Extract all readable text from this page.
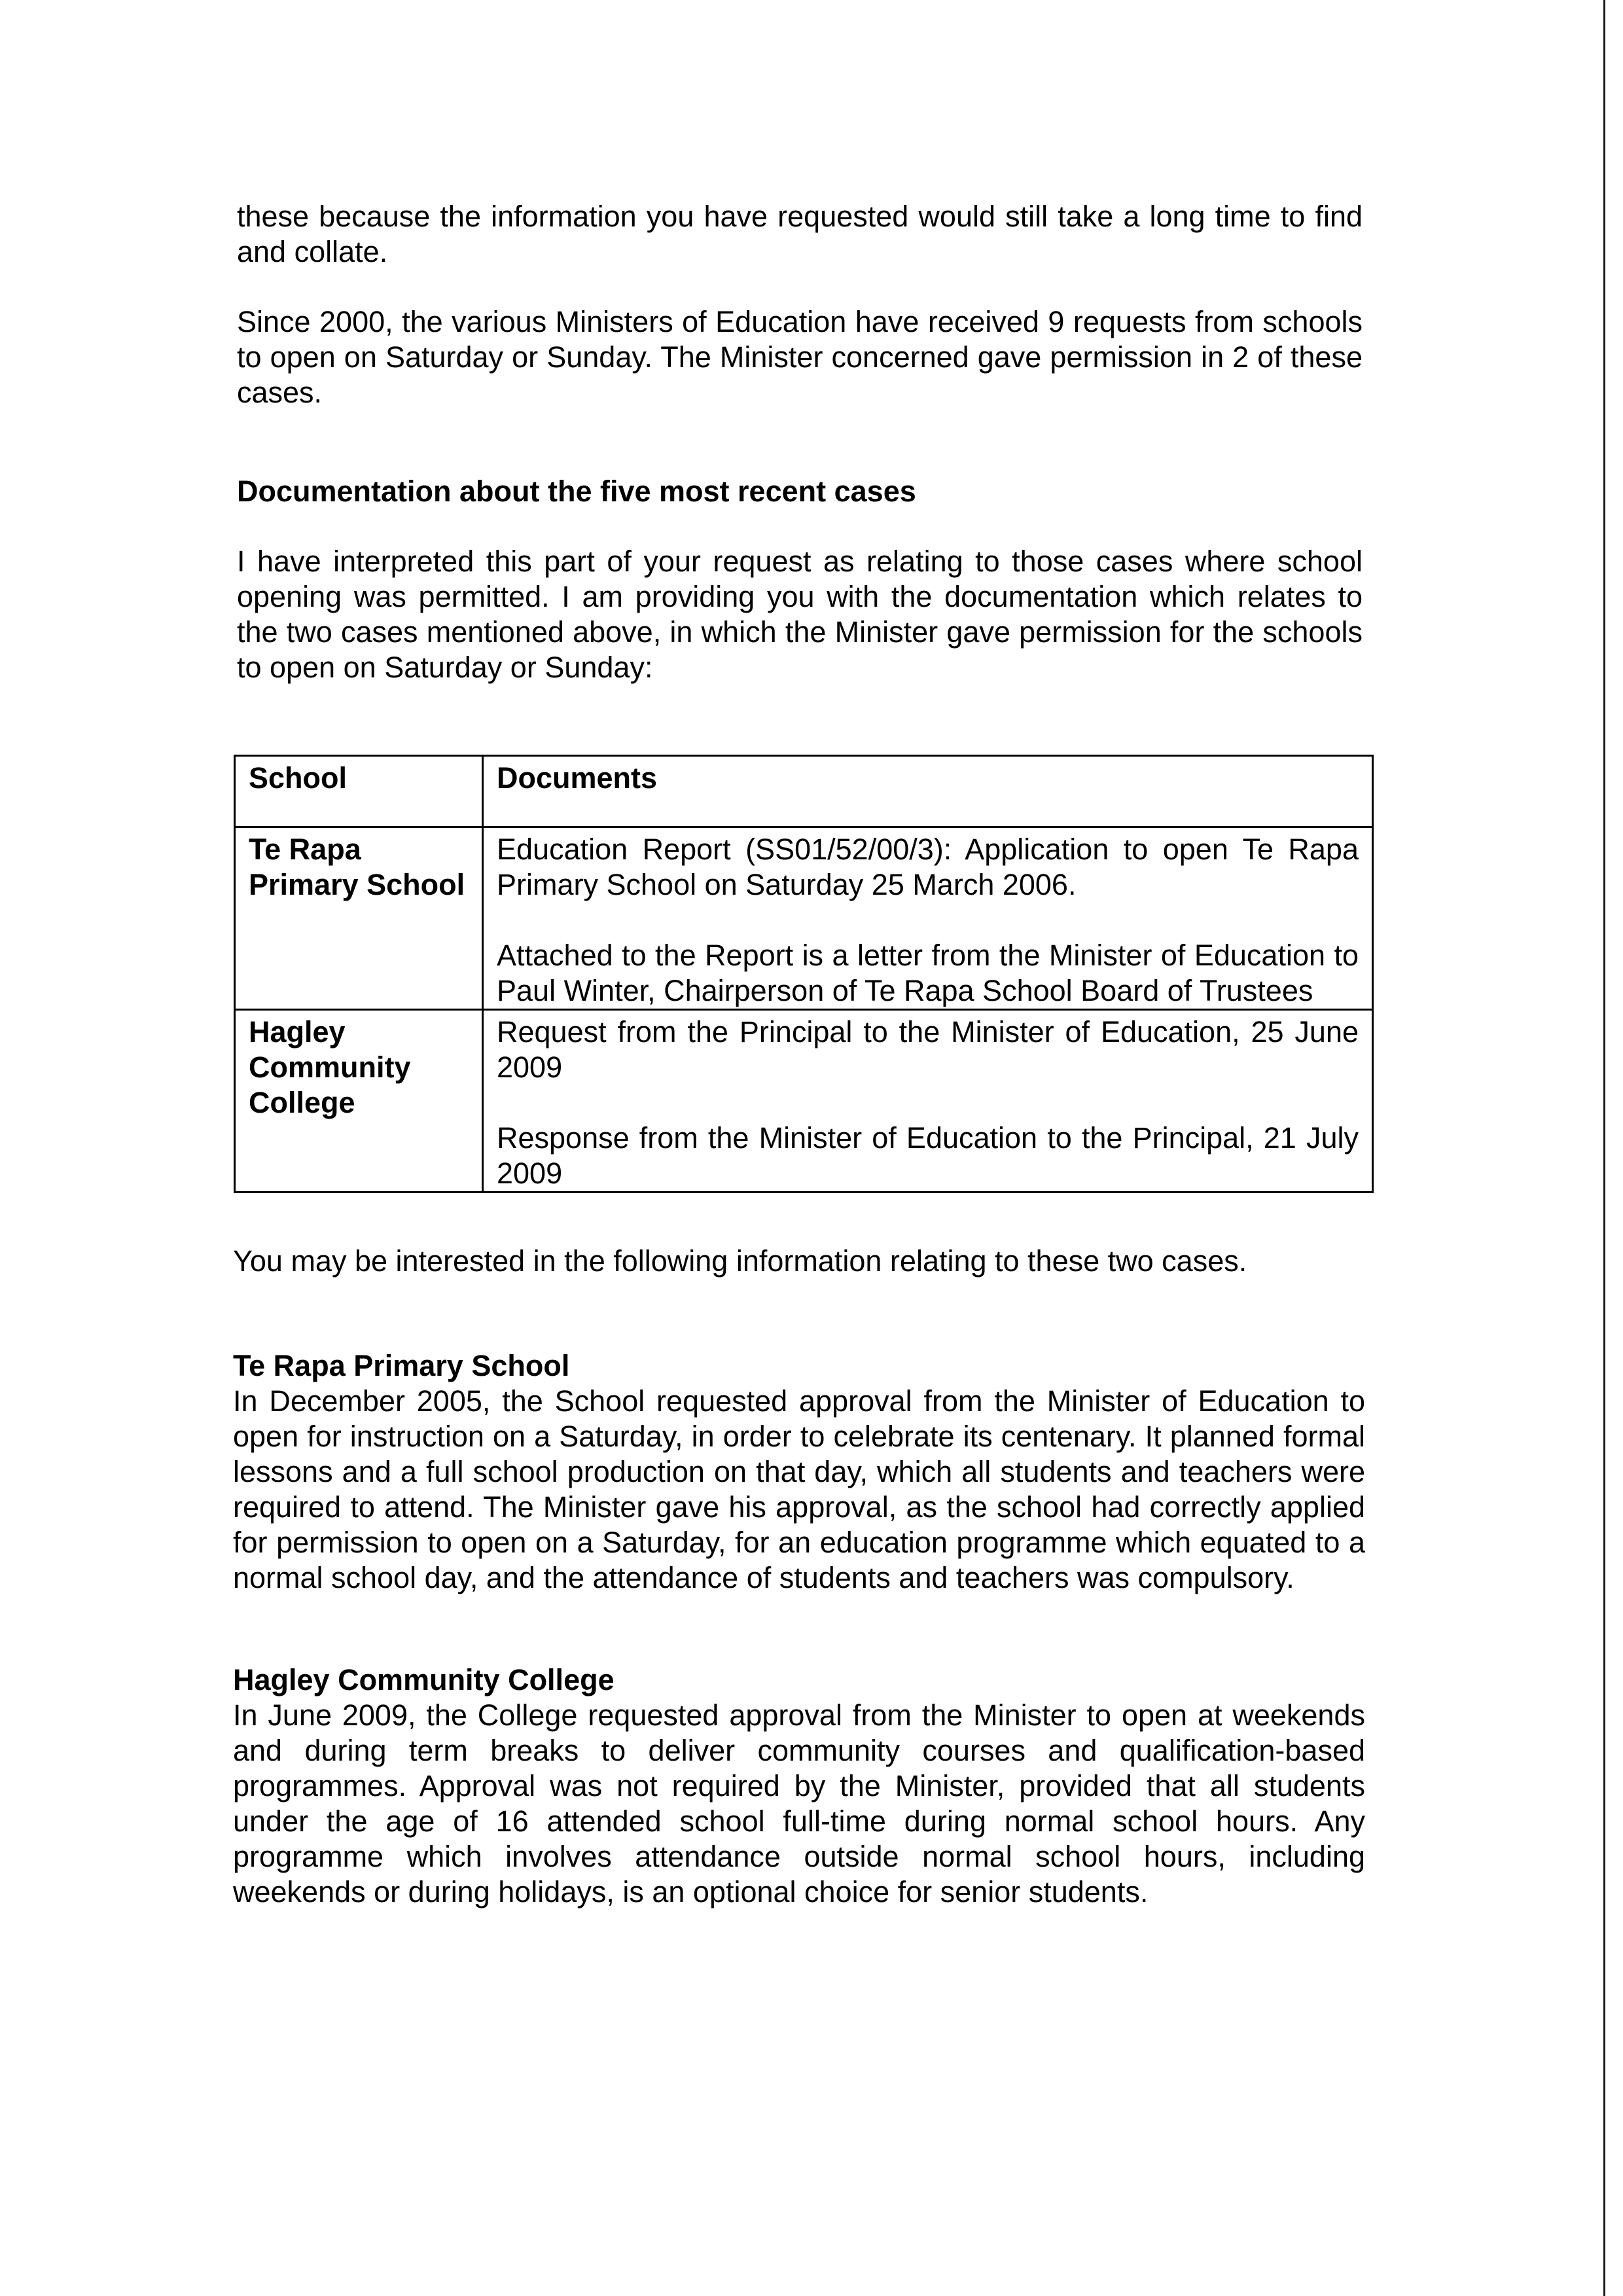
these because the information you have requested would still take a long time to find and collate.

Since 2000, the various Ministers of Education have received 9 requests from schools to open on Saturday or Sunday. The Minister concerned gave permission in 2 of these cases.

Documentation about the five most recent cases

I have interpreted this part of your request as relating to those cases where school opening was permitted. I am providing you with the documentation which relates to the two cases mentioned above, in which the Minister gave permission for the schools to open on Saturday or Sunday:

School	Documents
Te Rapa Primary School	Education Report (SS01/52/00/3): Application to open Te Rapa Primary School on Saturday 25 March 2006.

Attached to the Report is a letter from the Minister of Education to Paul Winter, Chairperson of Te Rapa School Board of Trustees

Hagley Community College	Request from the Principal to the Minister of Education, 25 June 2009

Response from the Minister of Education to the Principal, 21 July 2009

You may be interested in the following information relating to these two cases.

Te Rapa Primary School

In December 2005, the School requested approval from the Minister of Education to open for instruction on a Saturday, in order to celebrate its centenary. It planned formal lessons and a full school production on that day, which all students and teachers were required to attend. The Minister gave his approval, as the school had correctly applied for permission to open on a Saturday, for an education programme which equated to a normal school day, and the attendance of students and teachers was compulsory.

Hagley Community College

In June 2009, the College requested approval from the Minister to open at weekends and during term breaks to deliver community courses and qualification-based programmes. Approval was not required by the Minister, provided that all students under the age of 16 attended school full-time during normal school hours. Any programme which involves attendance outside normal school hours, including weekends or during holidays, is an optional choice for senior students.
